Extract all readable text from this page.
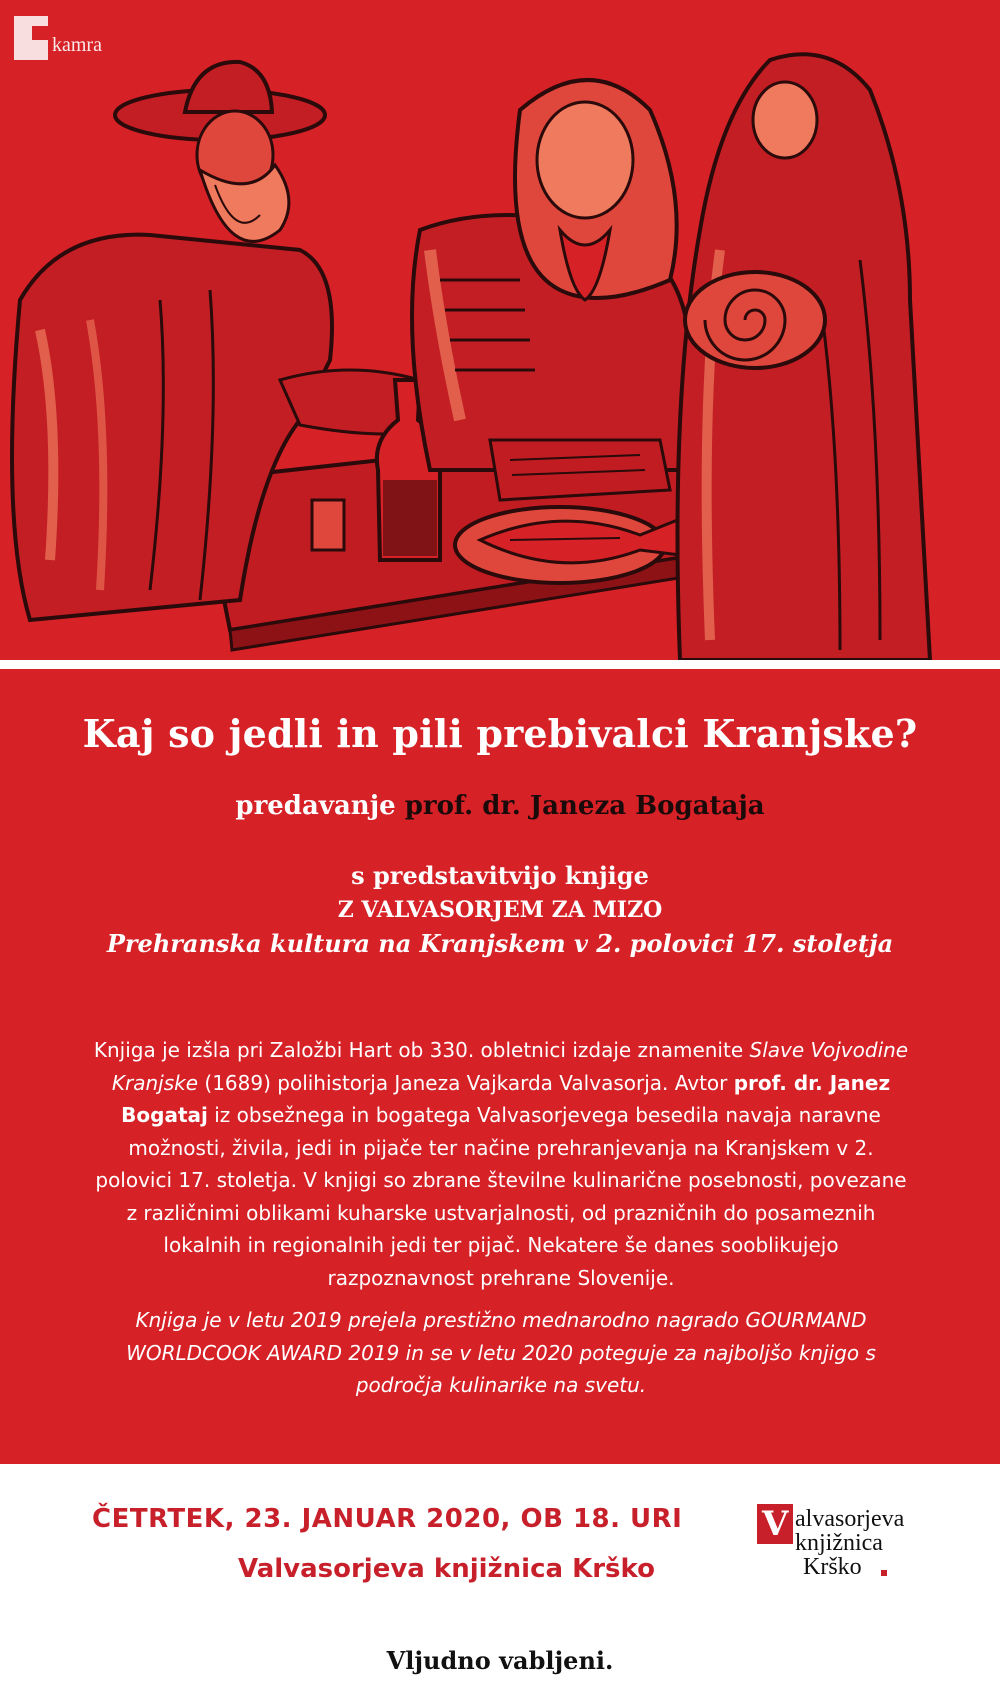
kamra
Kaj so jedli in pili prebivalci Kranjske?
predavanje prof. dr. Janeza Bogataja
s predstavitvijo knjige
Z VALVASORJEM ZA MIZO
Prehranska kultura na Kranjskem v 2. polovici 17. stoletja

Knjiga je izšla pri Založbi Hart ob 330. obletnici izdaje znamenite Slave Vojvodine Kranjske (1689) polihistorja Janeza Vajkarda Valvasorja. Avtor prof. dr. Janez Bogataj iz obsežnega in bogatega Valvasorjevega besedila navaja naravne možnosti, živila, jedi in pijače ter načine prehranjevanja na Kranjskem v 2. polovici 17. stoletja. V knjigi so zbrane številne kulinarične posebnosti, povezane z različnimi oblikami kuharske ustvarjalnosti, od prazničnih do posameznih lokalnih in regionalnih jedi ter pijač. Nekatere še danes sooblikujejo razpoznavnost prehrane Slovenije.

Knjiga je v letu 2019 prejela prestižno mednarodno nagrado GOURMAND WORLDCOOK AWARD 2019 in se v letu 2020 poteguje za najboljšo knjigo s področja kulinarike na svetu.
ČETRTEK, 23. JANUAR 2020, OB 18. URI
Valvasorjeva knjižnica Krško
V alvasorjeva
knjižnica
Krško
Vljudno vabljeni.
